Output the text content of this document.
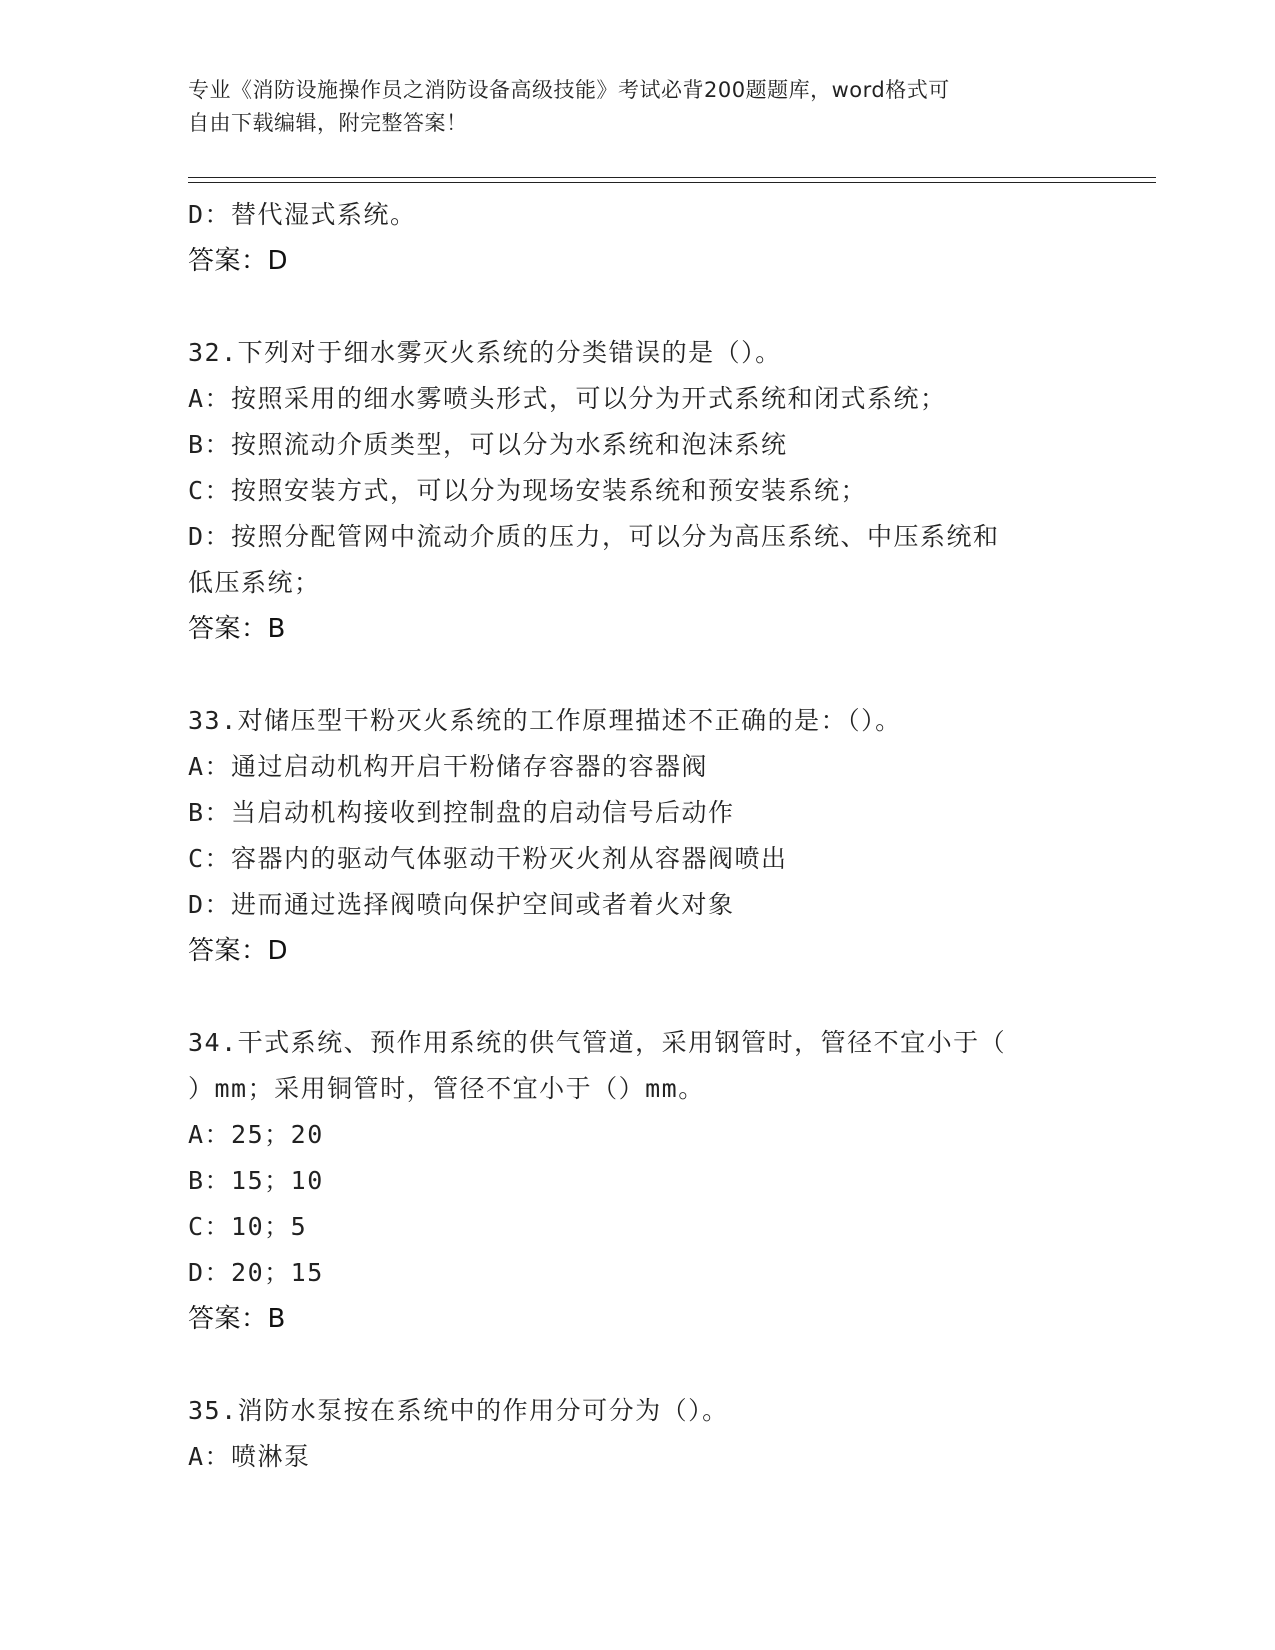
专业《消防设施操作员之消防设备高级技能》考试必背200题题库，word格式可
自由下载编辑，附完整答案！
D：替代湿式系统。
答案：D
32.下列对于细水雾灭火系统的分类错误的是（）。
A：按照采用的细水雾喷头形式，可以分为开式系统和闭式系统；
B：按照流动介质类型，可以分为水系统和泡沫系统
C：按照安装方式，可以分为现场安装系统和预安装系统；
D：按照分配管网中流动介质的压力，可以分为高压系统、中压系统和
低压系统；
答案：B
33.对储压型干粉灭火系统的工作原理描述不正确的是：（）。
A：通过启动机构开启干粉储存容器的容器阀
B：当启动机构接收到控制盘的启动信号后动作
C：容器内的驱动气体驱动干粉灭火剂从容器阀喷出
D：进而通过选择阀喷向保护空间或者着火对象
答案：D
34.干式系统、预作用系统的供气管道，采用钢管时，管径不宜小于（
）mm；采用铜管时，管径不宜小于（）mm。
A：25；20
B：15；10
C：10；5
D：20；15
答案：B
35.消防水泵按在系统中的作用分可分为（）。
A：喷淋泵
